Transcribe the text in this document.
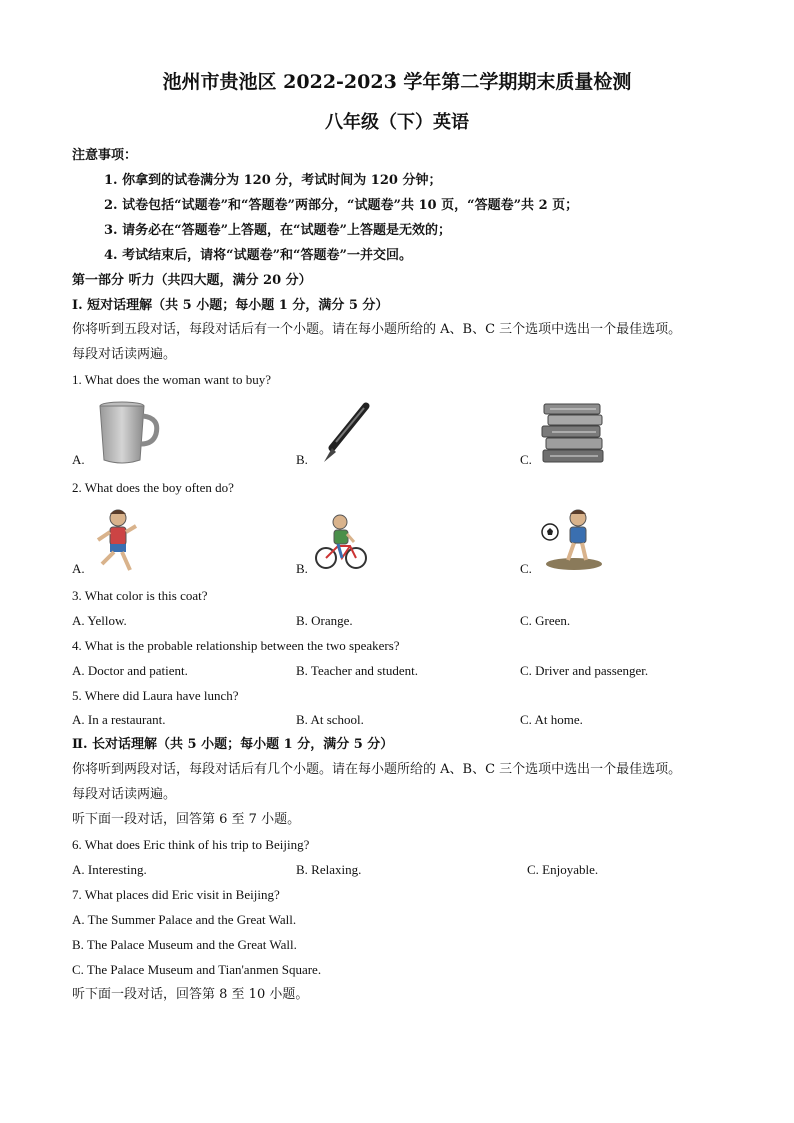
池州市贵池区 2022-2023 学年第二学期期末质量检测
八年级（下）英语
注意事项：
1. 你拿到的试卷满分为 120 分，考试时间为 120 分钟；
2. 试卷包括“试题卷”和“答题卷”两部分，“试题卷”共 10 页，“答题卷”共 2 页；
3. 请务必在“答题卷”上答题，在“试题卷”上答题是无效的；
4. 考试结束后，请将“试题卷”和“答题卷”一并交回。
第一部分 听力（共四大题，满分 20 分）
I. 短对话理解（共 5 小题；每小题 1 分，满分 5 分）
你将听到五段对话，每段对话后有一个小题。请在每小题所给的 A、B、C 三个选项中选出一个最佳选项。
每段对话读两遍。
1. What does the woman want to buy?
A.	B.	C.
2. What does the boy often do?
A.	B.	C.
3. What color is this coat?
A. Yellow.	B. Orange.	C. Green.
4. What is the probable relationship between the two speakers?
A. Doctor and patient.	B. Teacher and student.	C. Driver and passenger.
5. Where did Laura have lunch?
A. In a restaurant.	B. At school.	C. At home.
Ⅱ. 长对话理解（共 5 小题；每小题 1 分，满分 5 分）
你将听到两段对话，每段对话后有几个小题。请在每小题所给的 A、B、C 三个选项中选出一个最佳选项。
每段对话读两遍。
听下面一段对话，回答第 6 至 7 小题。
6. What does Eric think of his trip to Beijing?
A. Interesting.	B. Relaxing.	C. Enjoyable.
7. What places did Eric visit in Beijing?
A. The Summer Palace and the Great Wall.
B. The Palace Museum and the Great Wall.
C. The Palace Museum and Tian'anmen Square.
听下面一段对话，回答第 8 至 10 小题。
